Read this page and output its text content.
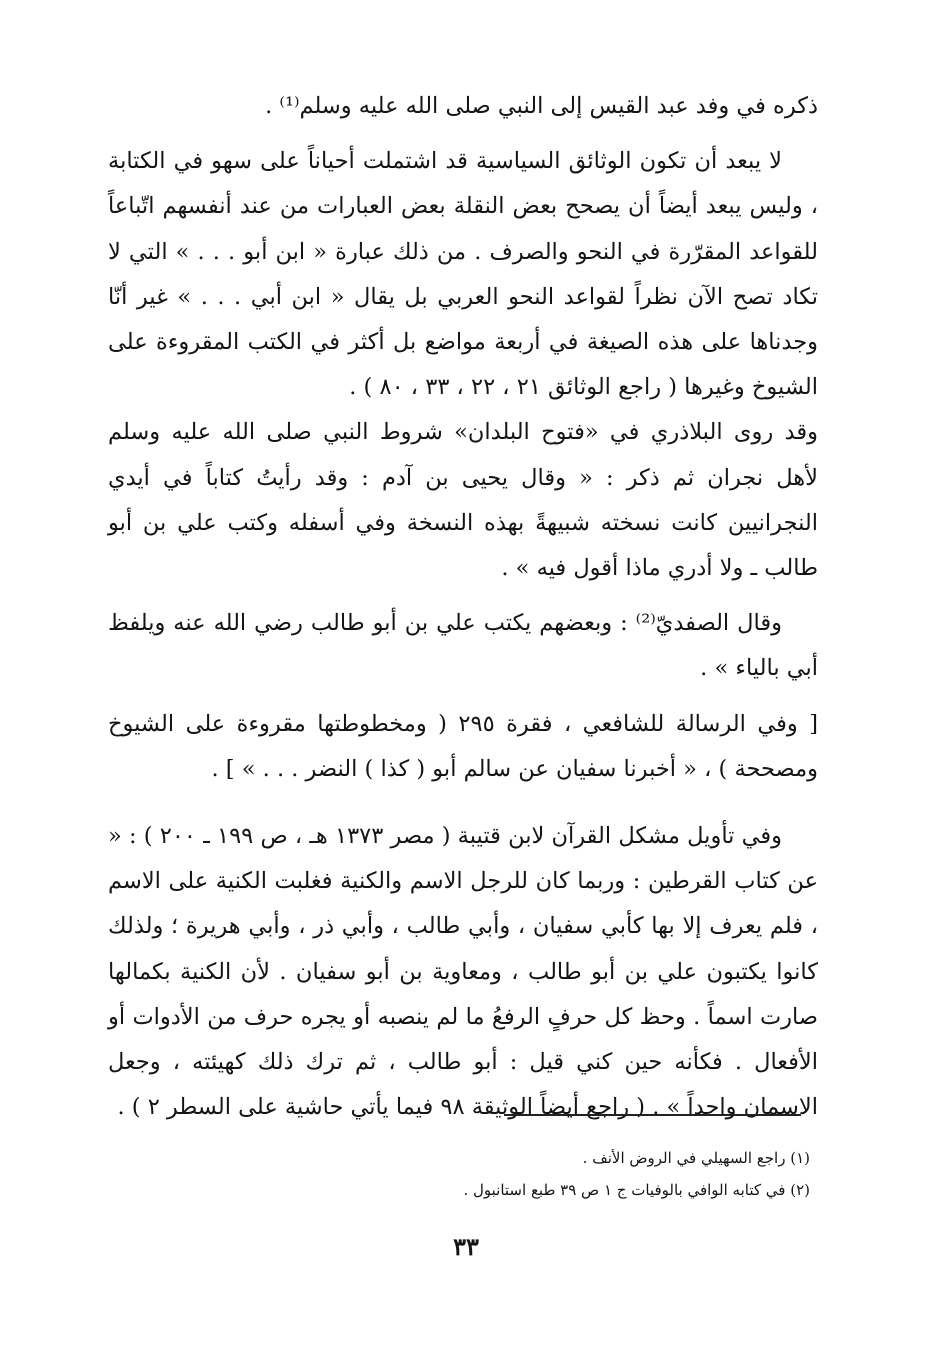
ذكره في وفد عبد القيس إلى النبي صلى الله عليه وسلم⁽¹⁾ .

لا يبعد أن تكون الوثائق السياسية قد اشتملت أحياناً على سهو في الكتابة ، وليس يبعد أيضاً أن يصحح بعض النقلة بعض العبارات من عند أنفسهم اتّباعاً للقواعد المقرّرة في النحو والصرف . من ذلك عبارة « ابن أبو . . . » التي لا تكاد تصح الآن نظراً لقواعد النحو العربي بل يقال « ابن أبي . . . » غير أنّا وجدناها على هذه الصيغة في أربعة مواضع بل أكثر في الكتب المقروءة على الشيوخ وغيرها ( راجع الوثائق ٢١ ، ٢٢ ، ٣٣ ، ٨٠ ) .

وقد روى البلاذري في «فتوح البلدان» شروط النبي صلى الله عليه وسلم لأهل نجران ثم ذكر : « وقال يحيى بن آدم : وقد رأيتُ كتاباً في أيدي النجرانيين كانت نسخته شبيهةً بهذه النسخة وفي أسفله وكتب علي بن أبو طالب ـ ولا أدري ماذا أقول فيه » .

وقال الصفديّ⁽²⁾ : وبعضهم يكتب علي بن أبو طالب رضي الله عنه ويلفظ أبي بالياء » .

[ وفي الرسالة للشافعي ، فقرة ٢٩٥ ( ومخطوطتها مقروءة على الشيوخ ومصححة ) ، « أخبرنا سفيان عن سالم أبو ( كذا ) النضر . . . » ] .

وفي تأويل مشكل القرآن لابن قتيبة ( مصر ١٣٧٣ هـ ، ص ١٩٩ ـ ٢٠٠ ) : « عن كتاب القرطين : وربما كان للرجل الاسم والكنية فغلبت الكنية على الاسم ، فلم يعرف إلا بها كأبي سفيان ، وأبي طالب ، وأبي ذر ، وأبي هريرة ؛ ولذلك كانوا يكتبون علي بن أبو طالب ، ومعاوية بن أبو سفيان . لأن الكنية بكمالها صارت اسماً . وحظ كل حرفٍ الرفعُ ما لم ينصبه أو يجره حرف من الأدوات أو الأفعال . فكأنه حين كني قيل : أبو طالب ، ثم ترك ذلك كهيئته ، وجعل الاسمان واحداً » . ( راجع أيضاً الوثيقة ٩٨ فيما يأتي حاشية على السطر ٢ ) .

(١) راجع السهيلي في الروض الأنف .

(٢) في كتابه الوافي بالوفيات ج ١ ص ٣٩ طبع استانبول .

٣٣
